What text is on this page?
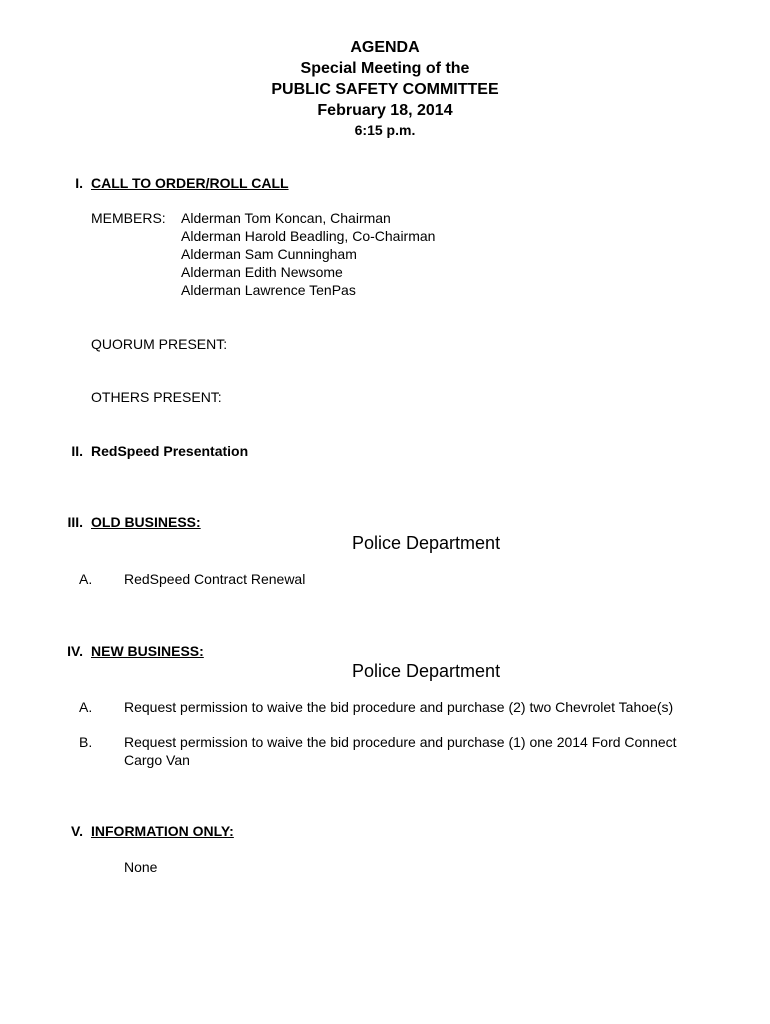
AGENDA
Special Meeting of the
PUBLIC SAFETY COMMITTEE
February 18, 2014
6:15 p.m.
I. CALL TO ORDER/ROLL CALL
MEMBERS: Alderman Tom Koncan, Chairman
Alderman Harold Beadling, Co-Chairman
Alderman Sam Cunningham
Alderman Edith Newsome
Alderman Lawrence TenPas
QUORUM PRESENT:
OTHERS PRESENT:
II. RedSpeed Presentation
III. OLD BUSINESS:
Police Department
A. RedSpeed Contract Renewal
IV. NEW BUSINESS:
Police Department
A. Request permission to waive the bid procedure and purchase (2) two Chevrolet Tahoe(s)
B. Request permission to waive the bid procedure and purchase (1) one 2014 Ford Connect
Cargo Van
V. INFORMATION ONLY:
None
